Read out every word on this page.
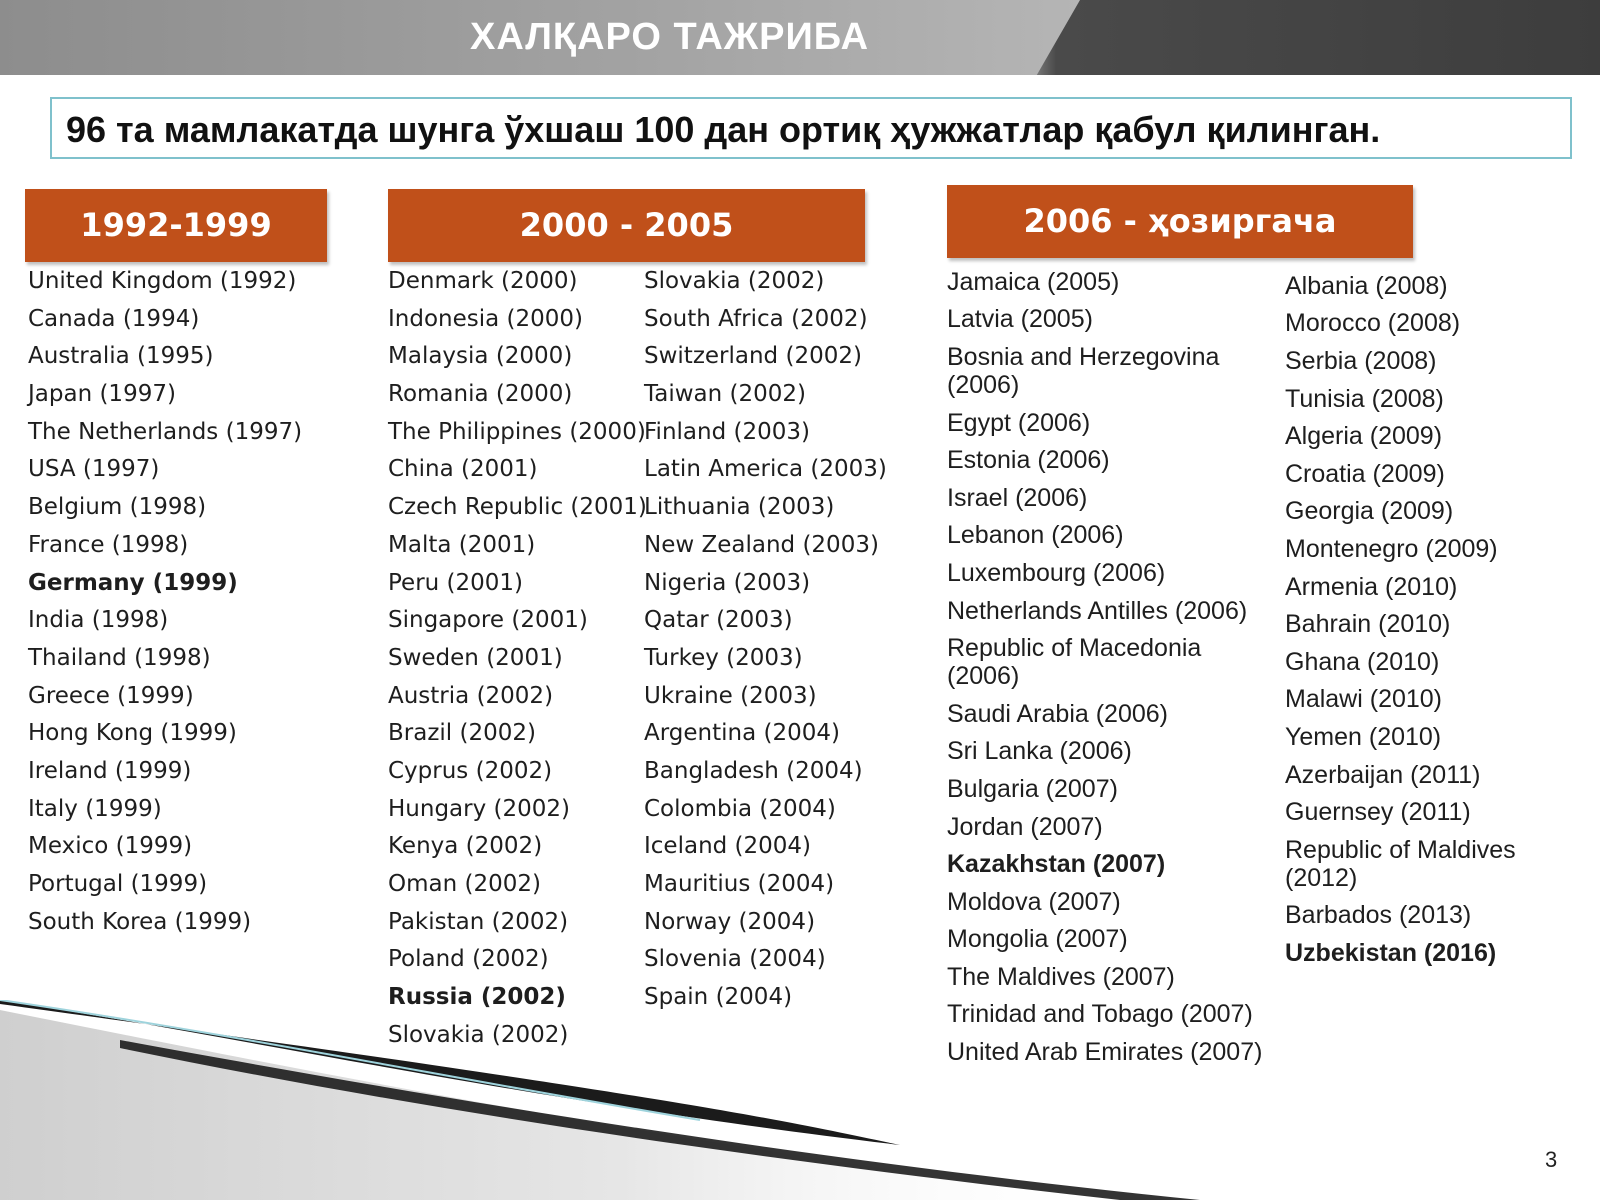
ХАЛҚАРО ТАЖРИБА
96 та мамлакатда шунга ўхшаш 100 дан ортиқ ҳужжатлар қабул қилинган.
1992-1999	2000 - 2005	2006 - ҳозиргача
United Kingdom (1992)
Canada (1994)
Australia (1995)
Japan (1997)
The Netherlands (1997)
USA (1997)
Belgium (1998)
France (1998)
Germany (1999)
India (1998)
Thailand (1998)
Greece (1999)
Hong Kong (1999)
Ireland (1999)
Italy (1999)
Mexico (1999)
Portugal (1999)
South Korea (1999)
Denmark (2000)
Indonesia (2000)
Malaysia (2000)
Romania (2000)
The Philippines (2000)
China (2001)
Czech Republic (2001)
Malta (2001)
Peru (2001)
Singapore (2001)
Sweden (2001)
Austria (2002)
Brazil (2002)
Cyprus (2002)
Hungary (2002)
Kenya (2002)
Oman (2002)
Pakistan (2002)
Poland (2002)
Russia (2002)
Slovakia (2002)
Slovakia (2002)
South Africa (2002)
Switzerland (2002)
Taiwan (2002)
Finland (2003)
Latin America (2003)
Lithuania (2003)
New Zealand (2003)
Nigeria (2003)
Qatar (2003)
Turkey (2003)
Ukraine (2003)
Argentina (2004)
Bangladesh (2004)
Colombia (2004)
Iceland (2004)
Mauritius (2004)
Norway (2004)
Slovenia (2004)
Spain (2004)
Jamaica (2005)
Latvia (2005)
Bosnia and Herzegovina (2006)
Egypt (2006)
Estonia (2006)
Israel (2006)
Lebanon (2006)
Luxembourg (2006)
Netherlands Antilles (2006)
Republic of Macedonia (2006)
Saudi Arabia (2006)
Sri Lanka (2006)
Bulgaria (2007)
Jordan (2007)
Kazakhstan (2007)
Moldova (2007)
Mongolia (2007)
The Maldives (2007)
Trinidad and Tobago (2007)
United Arab Emirates (2007)
Albania (2008)
Morocco (2008)
Serbia (2008)
Tunisia (2008)
Algeria (2009)
Croatia (2009)
Georgia (2009)
Montenegro (2009)
Armenia (2010)
Bahrain (2010)
Ghana (2010)
Malawi (2010)
Yemen (2010)
Azerbaijan (2011)
Guernsey (2011)
Republic of Maldives (2012)
Barbados (2013)
Uzbekistan (2016)
3
